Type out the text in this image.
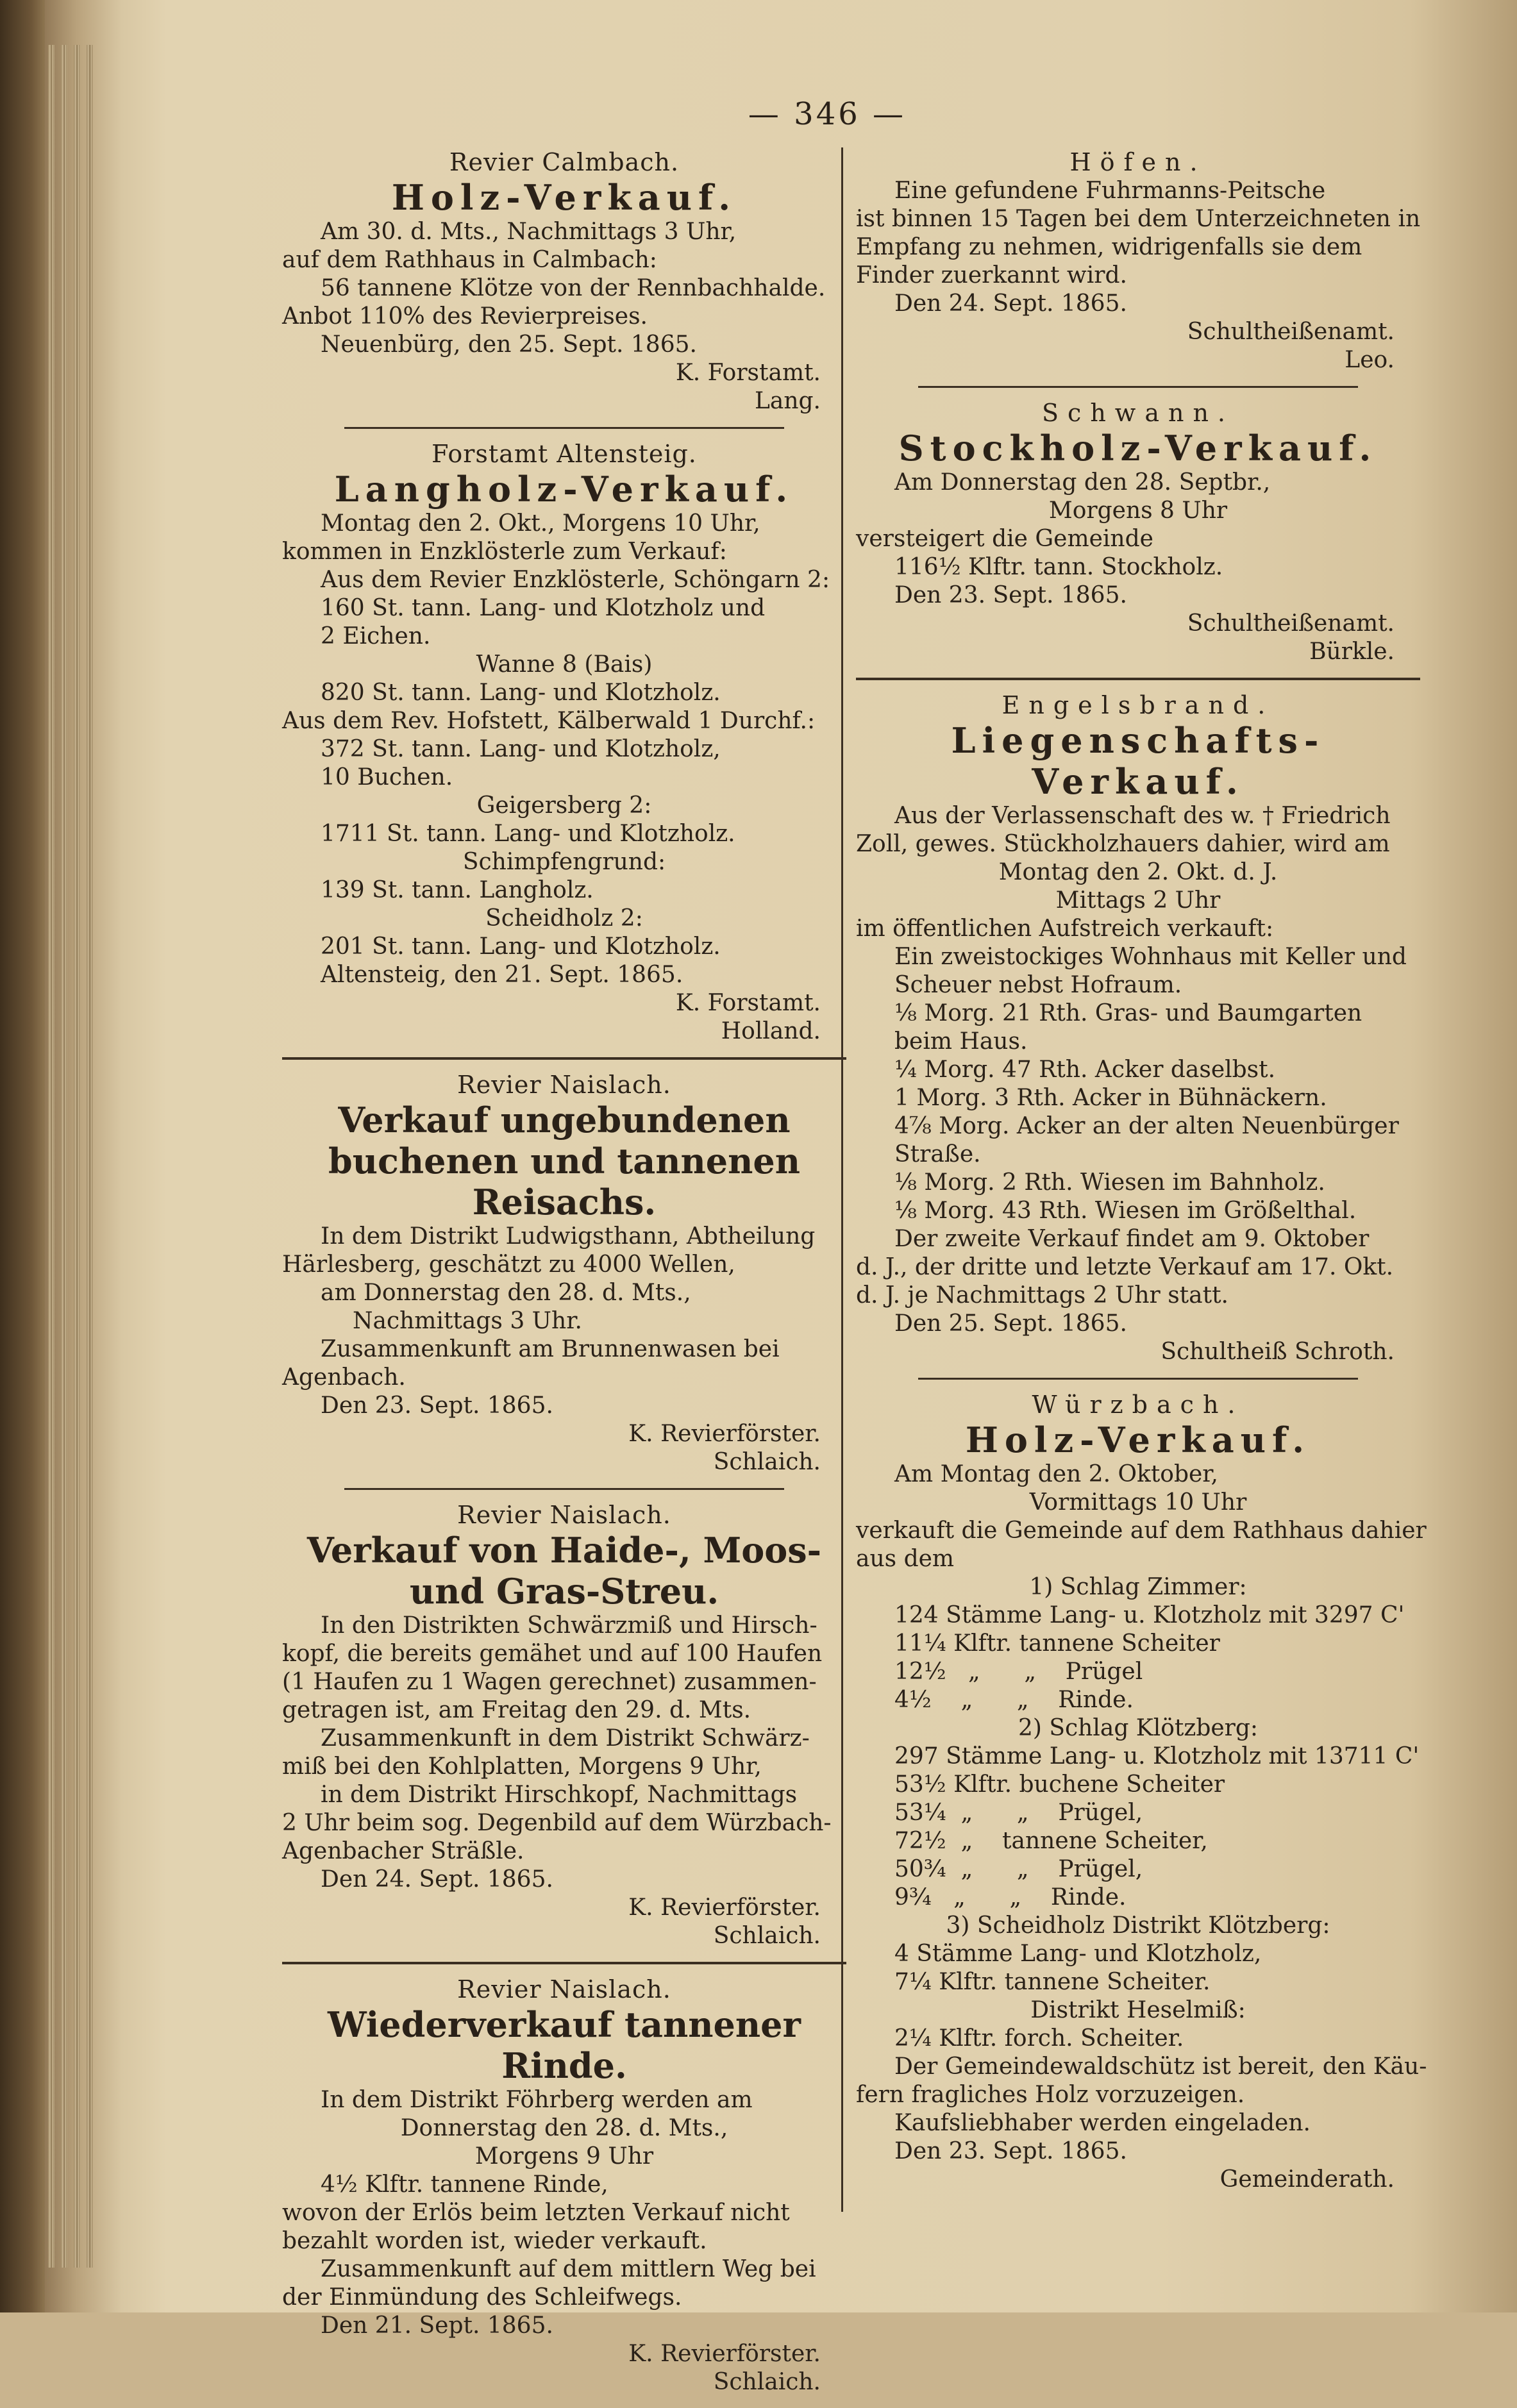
— 346 —
Revier Calmbach.
Holz-Verkauf.
Am 30. d. Mts., Nachmittags 3 Uhr,
auf dem Rathhaus in Calmbach:
56 tannene Klötze von der Rennbachhalde.
Anbot 110% des Revierpreises.
Neuenbürg, den 25. Sept. 1865.
K. Forstamt.
Lang.
Forstamt Altensteig.
Langholz-Verkauf.
Montag den 2. Okt., Morgens 10 Uhr,
kommen in Enzklösterle zum Verkauf:
Aus dem Revier Enzklösterle, Schöngarn 2:
160 St. tann. Lang- und Klotzholz und
2 Eichen.
Wanne 8 (Bais)
820 St. tann. Lang- und Klotzholz.
Aus dem Rev. Hofstett, Kälberwald 1 Durchf.:
372 St. tann. Lang- und Klotzholz,
10 Buchen.
Geigersberg 2:
1711 St. tann. Lang- und Klotzholz.
Schimpfengrund:
139 St. tann. Langholz.
Scheidholz 2:
201 St. tann. Lang- und Klotzholz.
Altensteig, den 21. Sept. 1865.
K. Forstamt.
Holland.
Revier Naislach.
Verkauf ungebundenen buchenen und tannenen Reisachs.
In dem Distrikt Ludwigsthann, Abtheilung
Härlesberg, geschätzt zu 4000 Wellen,
am Donnerstag den 28. d. Mts.,
Nachmittags 3 Uhr.
Zusammenkunft am Brunnenwasen bei
Agenbach.
Den 23. Sept. 1865.
K. Revierförster.
Schlaich.
Revier Naislach.
Verkauf von Haide-, Moos- und Gras-Streu.
In den Distrikten Schwärzmiß und Hirsch-
kopf, die bereits gemähet und auf 100 Haufen
(1 Haufen zu 1 Wagen gerechnet) zusammen-
getragen ist, am Freitag den 29. d. Mts.
Zusammenkunft in dem Distrikt Schwärz-
miß bei den Kohlplatten, Morgens 9 Uhr,
in dem Distrikt Hirschkopf, Nachmittags
2 Uhr beim sog. Degenbild auf dem Würzbach-
Agenbacher Sträßle.
Den 24. Sept. 1865.
K. Revierförster.
Schlaich.
Revier Naislach.
Wiederverkauf tannener Rinde.
In dem Distrikt Föhrberg werden am
Donnerstag den 28. d. Mts.,
Morgens 9 Uhr
4½ Klftr. tannene Rinde,
wovon der Erlös beim letzten Verkauf nicht
bezahlt worden ist, wieder verkauft.
Zusammenkunft auf dem mittlern Weg bei
der Einmündung des Schleifwegs.
Den 21. Sept. 1865.
K. Revierförster.
Schlaich.
Höfen.
Eine gefundene Fuhrmanns-Peitsche
ist binnen 15 Tagen bei dem Unterzeichneten in
Empfang zu nehmen, widrigenfalls sie dem
Finder zuerkannt wird.
Den 24. Sept. 1865.
Schultheißenamt.
Leo.
Schwann.
Stockholz-Verkauf.
Am Donnerstag den 28. Septbr.,
Morgens 8 Uhr
versteigert die Gemeinde
116½ Klftr. tann. Stockholz.
Den 23. Sept. 1865.
Schultheißenamt.
Bürkle.
Engelsbrand.
Liegenschafts-Verkauf.
Aus der Verlassenschaft des w. † Friedrich
Zoll, gewes. Stückholzhauers dahier, wird am
Montag den 2. Okt. d. J.
Mittags 2 Uhr
im öffentlichen Aufstreich verkauft:
Ein zweistockiges Wohnhaus mit Keller und
Scheuer nebst Hofraum.
⅛ Morg. 21 Rth. Gras- und Baumgarten
beim Haus.
¼ Morg. 47 Rth. Acker daselbst.
1 Morg. 3 Rth. Acker in Bühnäckern.
4⅞ Morg. Acker an der alten Neuenbürger
Straße.
⅛ Morg. 2 Rth. Wiesen im Bahnholz.
⅛ Morg. 43 Rth. Wiesen im Größelthal.
Der zweite Verkauf findet am 9. Oktober
d. J., der dritte und letzte Verkauf am 17. Okt.
d. J. je Nachmittags 2 Uhr statt.
Den 25. Sept. 1865.
Schultheiß Schroth.
Würzbach.
Holz-Verkauf.
Am Montag den 2. Oktober,
Vormittags 10 Uhr
verkauft die Gemeinde auf dem Rathhaus dahier
aus dem
1) Schlag Zimmer:
124 Stämme Lang- u. Klotzholz mit 3297 C'
11¼ Klftr. tannene Scheiter
12½   „      „    Prügel
4½    „      „    Rinde.
2) Schlag Klötzberg:
297 Stämme Lang- u. Klotzholz mit 13711 C'
53½ Klftr. buchene Scheiter
53¼  „      „    Prügel,
72½  „    tannene Scheiter,
50¾  „      „    Prügel,
9¾   „      „    Rinde.
3) Scheidholz Distrikt Klötzberg:
4 Stämme Lang- und Klotzholz,
7¼ Klftr. tannene Scheiter.
Distrikt Heselmiß:
2¼ Klftr. forch. Scheiter.
Der Gemeindewaldschütz ist bereit, den Käu-
fern fragliches Holz vorzuzeigen.
Kaufsliebhaber werden eingeladen.
Den 23. Sept. 1865.
Gemeinderath.
